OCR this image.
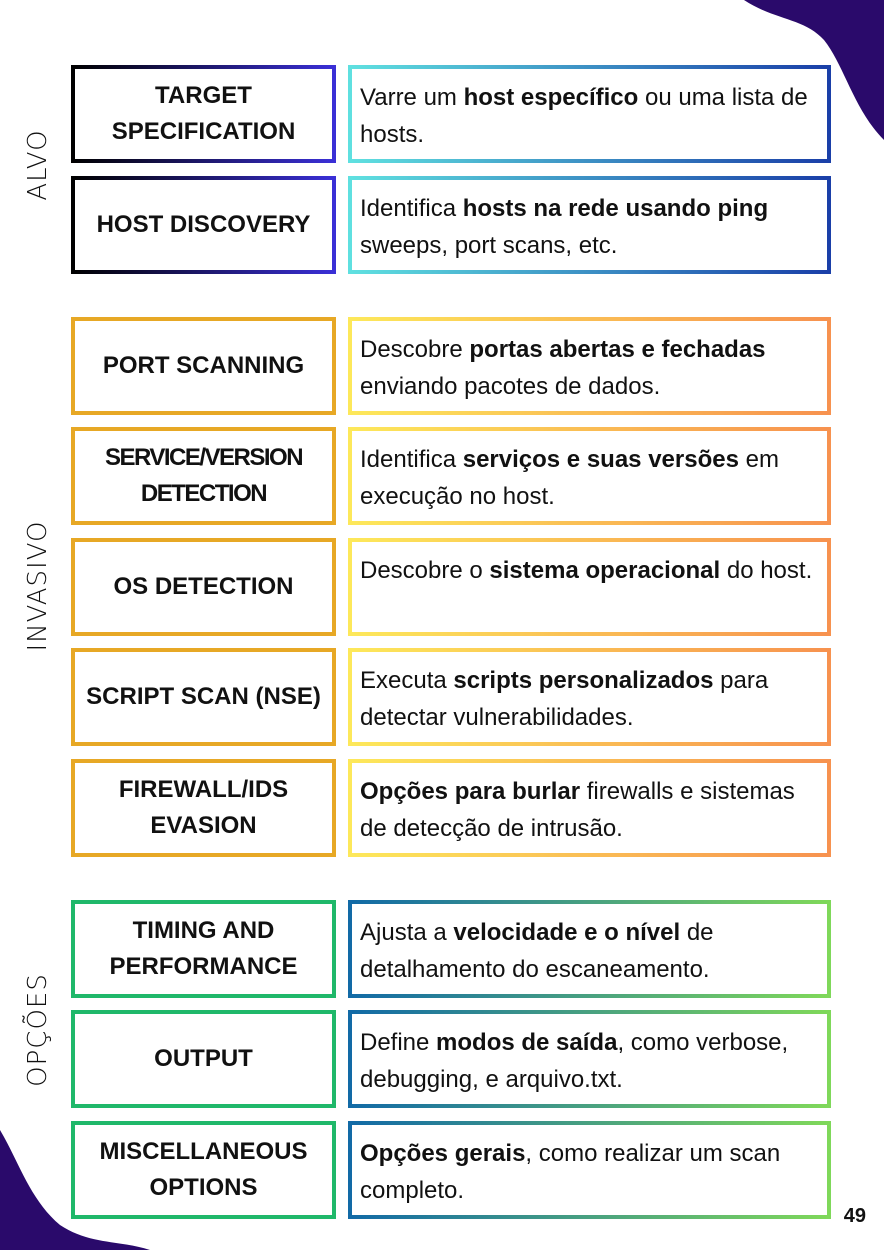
ALVO
INVASIVO
OPÇÕES
TARGET SPECIFICATION
Varre um host específico ou uma lista de hosts.
HOST DISCOVERY
Identifica hosts na rede usando ping sweeps, port scans, etc.
PORT SCANNING
Descobre portas abertas e fechadas enviando pacotes de dados.
SERVICE/VERSION DETECTION
Identifica serviços e suas versões em execução no host.
OS DETECTION
Descobre o sistema operacional do host.
SCRIPT SCAN (NSE)
Executa scripts personalizados para detectar vulnerabilidades.
FIREWALL/IDS EVASION
Opções para burlar firewalls e sistemas de detecção de intrusão.
TIMING AND PERFORMANCE
Ajusta a velocidade e o nível de detalhamento do escaneamento.
OUTPUT
Define modos de saída, como verbose, debugging, e arquivo.txt.
MISCELLANEOUS OPTIONS
Opções gerais, como realizar um scan completo.
49
